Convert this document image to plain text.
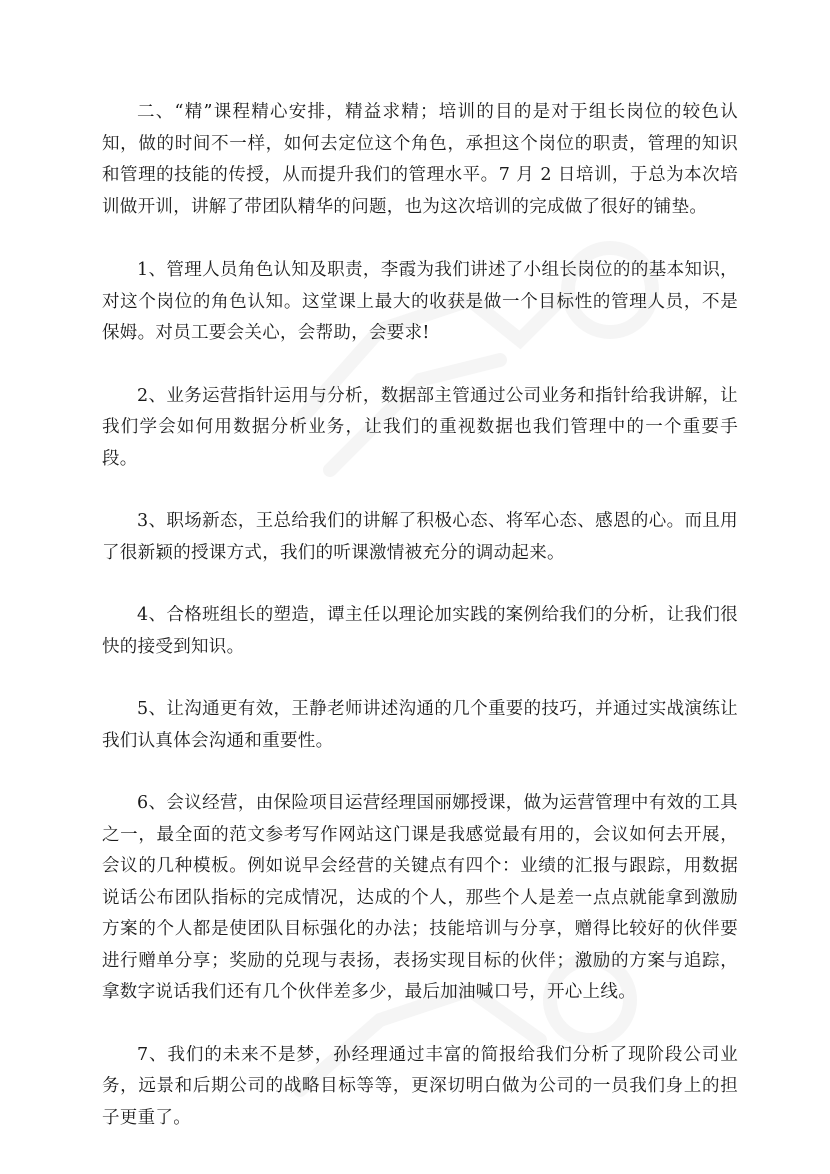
二、“精”课程精心安排，精益求精；培训的目的是对于组长岗位的较色认知，做的时间不一样，如何去定位这个角色，承担这个岗位的职责，管理的知识和管理的技能的传授，从而提升我们的管理水平。7 月 2 日培训，于总为本次培训做开训，讲解了带团队精华的问题，也为这次培训的完成做了很好的铺垫。

1、管理人员角色认知及职责，李霞为我们讲述了小组长岗位的的基本知识，对这个岗位的角色认知。这堂课上最大的收获是做一个目标性的管理人员，不是保姆。对员工要会关心，会帮助，会要求!

2、业务运营指针运用与分析，数据部主管通过公司业务和指针给我讲解，让我们学会如何用数据分析业务，让我们的重视数据也我们管理中的一个重要手段。

3、职场新态，王总给我们的讲解了积极心态、将军心态、感恩的心。而且用了很新颖的授课方式，我们的听课激情被充分的调动起来。

4、合格班组长的塑造，谭主任以理论加实践的案例给我们的分析，让我们很快的接受到知识。

5、让沟通更有效，王静老师讲述沟通的几个重要的技巧，并通过实战演练让我们认真体会沟通和重要性。

6、会议经营，由保险项目运营经理国丽娜授课，做为运营管理中有效的工具之一，最全面的范文参考写作网站这门课是我感觉最有用的，会议如何去开展，会议的几种模板。例如说早会经营的关键点有四个：业绩的汇报与跟踪，用数据说话公布团队指标的完成情况，达成的个人，那些个人是差一点点就能拿到激励方案的个人都是使团队目标强化的办法；技能培训与分享，赠得比较好的伙伴要进行赠单分享；奖励的兑现与表扬，表扬实现目标的伙伴；激励的方案与追踪，拿数字说话我们还有几个伙伴差多少，最后加油喊口号，开心上线。

7、我们的未来不是梦，孙经理通过丰富的简报给我们分析了现阶段公司业务，远景和后期公司的战略目标等等，更深切明白做为公司的一员我们身上的担子更重了。
